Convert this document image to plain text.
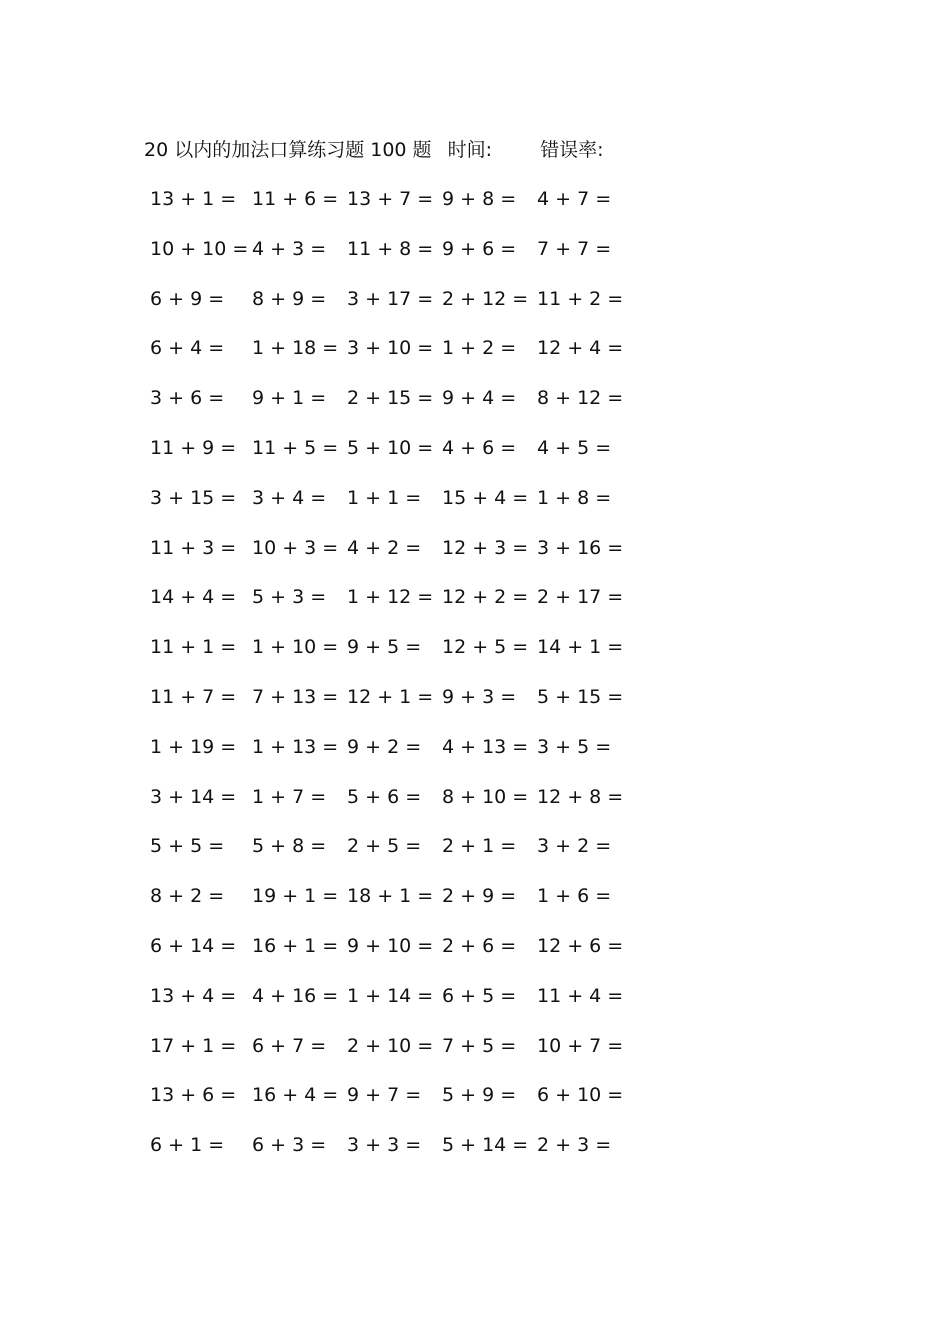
20 以内的加法口算练习题 100 题 时间:	错误率:
13 + 1 = 11 + 6 = 13 + 7 = 9 + 8 =	4 + 7 =
10 + 10 = 4 + 3 =	11 + 8 = 9 + 6 =	7 + 7 =
6 + 9 =	8 + 9 =	3 + 17 = 2 + 12 = 11 + 2 =
6 + 4 =	1 + 18 = 3 + 10 = 1 + 2 =	12 + 4 =
3 + 6 =	9 + 1 =	2 + 15 = 9 + 4 =	8 + 12 =
11 + 9 = 11 + 5 = 5 + 10 = 4 + 6 =	4 + 5 =
3 + 15 = 3 + 4 =	1 + 1 =	15 + 4 = 1 + 8 =
11 + 3 = 10 + 3 = 4 + 2 =	12 + 3 = 3 + 16 =
14 + 4 = 5 + 3 =	1 + 12 = 12 + 2 = 2 + 17 =
11 + 1 = 1 + 10 = 9 + 5 =	12 + 5 = 14 + 1 =
11 + 7 = 7 + 13 = 12 + 1 = 9 + 3 =	5 + 15 =
1 + 19 = 1 + 13 = 9 + 2 =	4 + 13 = 3 + 5 =
3 + 14 = 1 + 7 =	5 + 6 =	8 + 10 = 12 + 8 =
5 + 5 =	5 + 8 =	2 + 5 =	2 + 1 =	3 + 2 =
8 + 2 =	19 + 1 = 18 + 1 = 2 + 9 =	1 + 6 =
6 + 14 = 16 + 1 = 9 + 10 = 2 + 6 =	12 + 6 =
13 + 4 = 4 + 16 = 1 + 14 = 6 + 5 =	11 + 4 =
17 + 1 = 6 + 7 =	2 + 10 = 7 + 5 =	10 + 7 =
13 + 6 = 16 + 4 = 9 + 7 =	5 + 9 =	6 + 10 =
6 + 1 =	6 + 3 =	3 + 3 =	5 + 14 = 2 + 3 =
